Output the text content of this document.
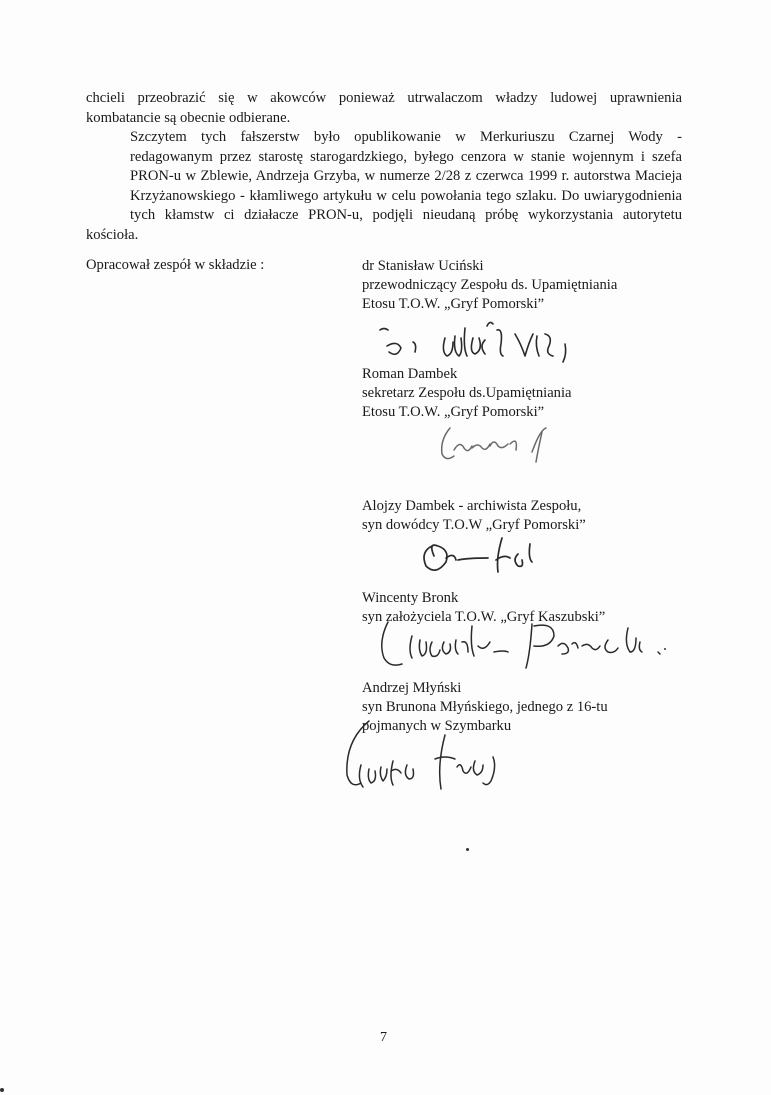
chcieli przeobrazić się w akowców ponieważ utrwalaczom władzy ludowej uprawnienia
kombatancie są obecnie odbierane.

Szczytem tych fałszerstw było opublikowanie w Merkuriuszu Czarnej Wody -
redagowanym przez starostę starogardzkiego, byłego cenzora w stanie wojennym i szefa
PRON-u w Zblewie, Andrzeja Grzyba, w numerze 2/28 z czerwca 1999 r. autorstwa Macieja
Krzyżanowskiego - kłamliwego artykułu w celu powołania tego szlaku. Do uwiarygodnienia
tych kłamstw ci działacze PRON-u, podjęli nieudaną próbę wykorzystania autorytetu kościoła.

Opracował zespół w składzie :	dr Stanisław Uciński
przewodniczący Zespołu ds. Upamiętniania
Etosu T.O.W. „Gryf Pomorski”
Roman Dambek
sekretarz Zespołu ds.Upamiętniania
Etosu T.O.W. „Gryf Pomorski”
Alojzy Dambek - archiwista Zespołu,
syn dowódcy T.O.W „Gryf Pomorski”
Wincenty Bronk
syn założyciela T.O.W. „Gryf Kaszubski”
Andrzej Młyński
syn Brunona Młyńskiego, jednego z 16-tu
pojmanych w Szymbarku
7
